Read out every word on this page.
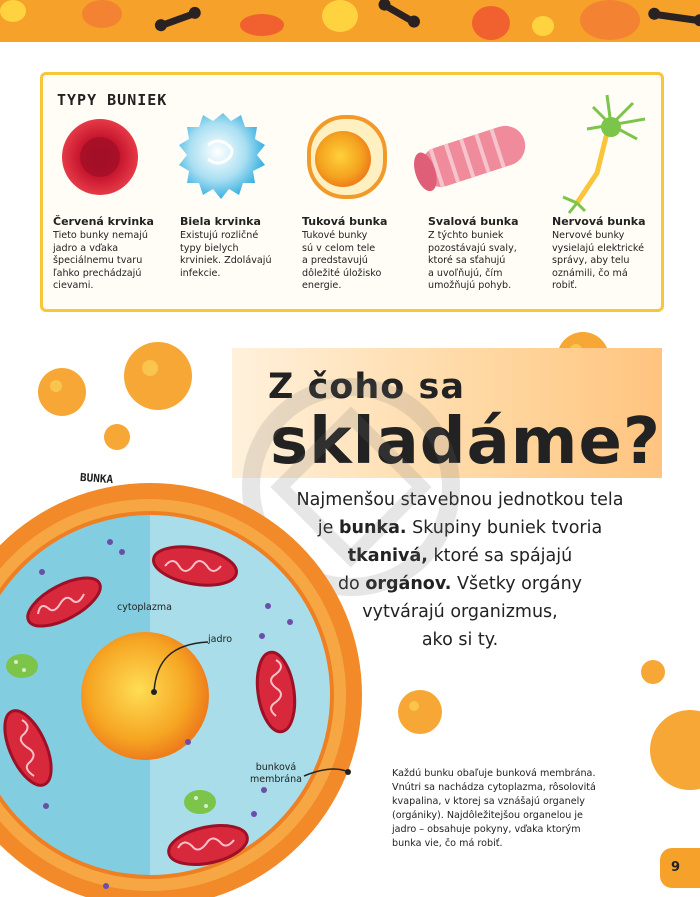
TYPY BUNIEK
Červená krvinka
Tieto bunky nemajú
jadro a vďaka
špeciálnemu tvaru
ľahko prechádzajú
cievami.
Biela krvinka
Existujú rozličné
typy bielych
krviniek. Zdolávajú
infekcie.
Tuková bunka
Tukové bunky
sú v celom tele
a predstavujú
dôležité úložisko
energie.
Svalová bunka
Z týchto buniek
pozostávajú svaly,
ktoré sa sťahujú
a uvoľňujú, čím
umožňujú pohyb.
Nervová bunka
Nervové bunky
vysielajú elektrické
správy, aby telu
oznámili, čo má
robiť.
Z čoho sa
skladáme?
Najmenšou stavebnou jednotkou tela
je bunka. Skupiny buniek tvoria
tkanivá, ktoré sa spájajú
do orgánov. Všetky orgány
vytvárajú organizmus,
ako si ty.
BUNKA
cytoplazma
jadro
bunková
membrána
Každú bunku obaľuje bunková membrána.
Vnútri sa nachádza cytoplazma, rôsolovitá
kvapalina, v ktorej sa vznášajú organely
(orgániky). Najdôležitejšou organelou je
jadro – obsahuje pokyny, vďaka ktorým
bunka vie, čo má robiť.
9
